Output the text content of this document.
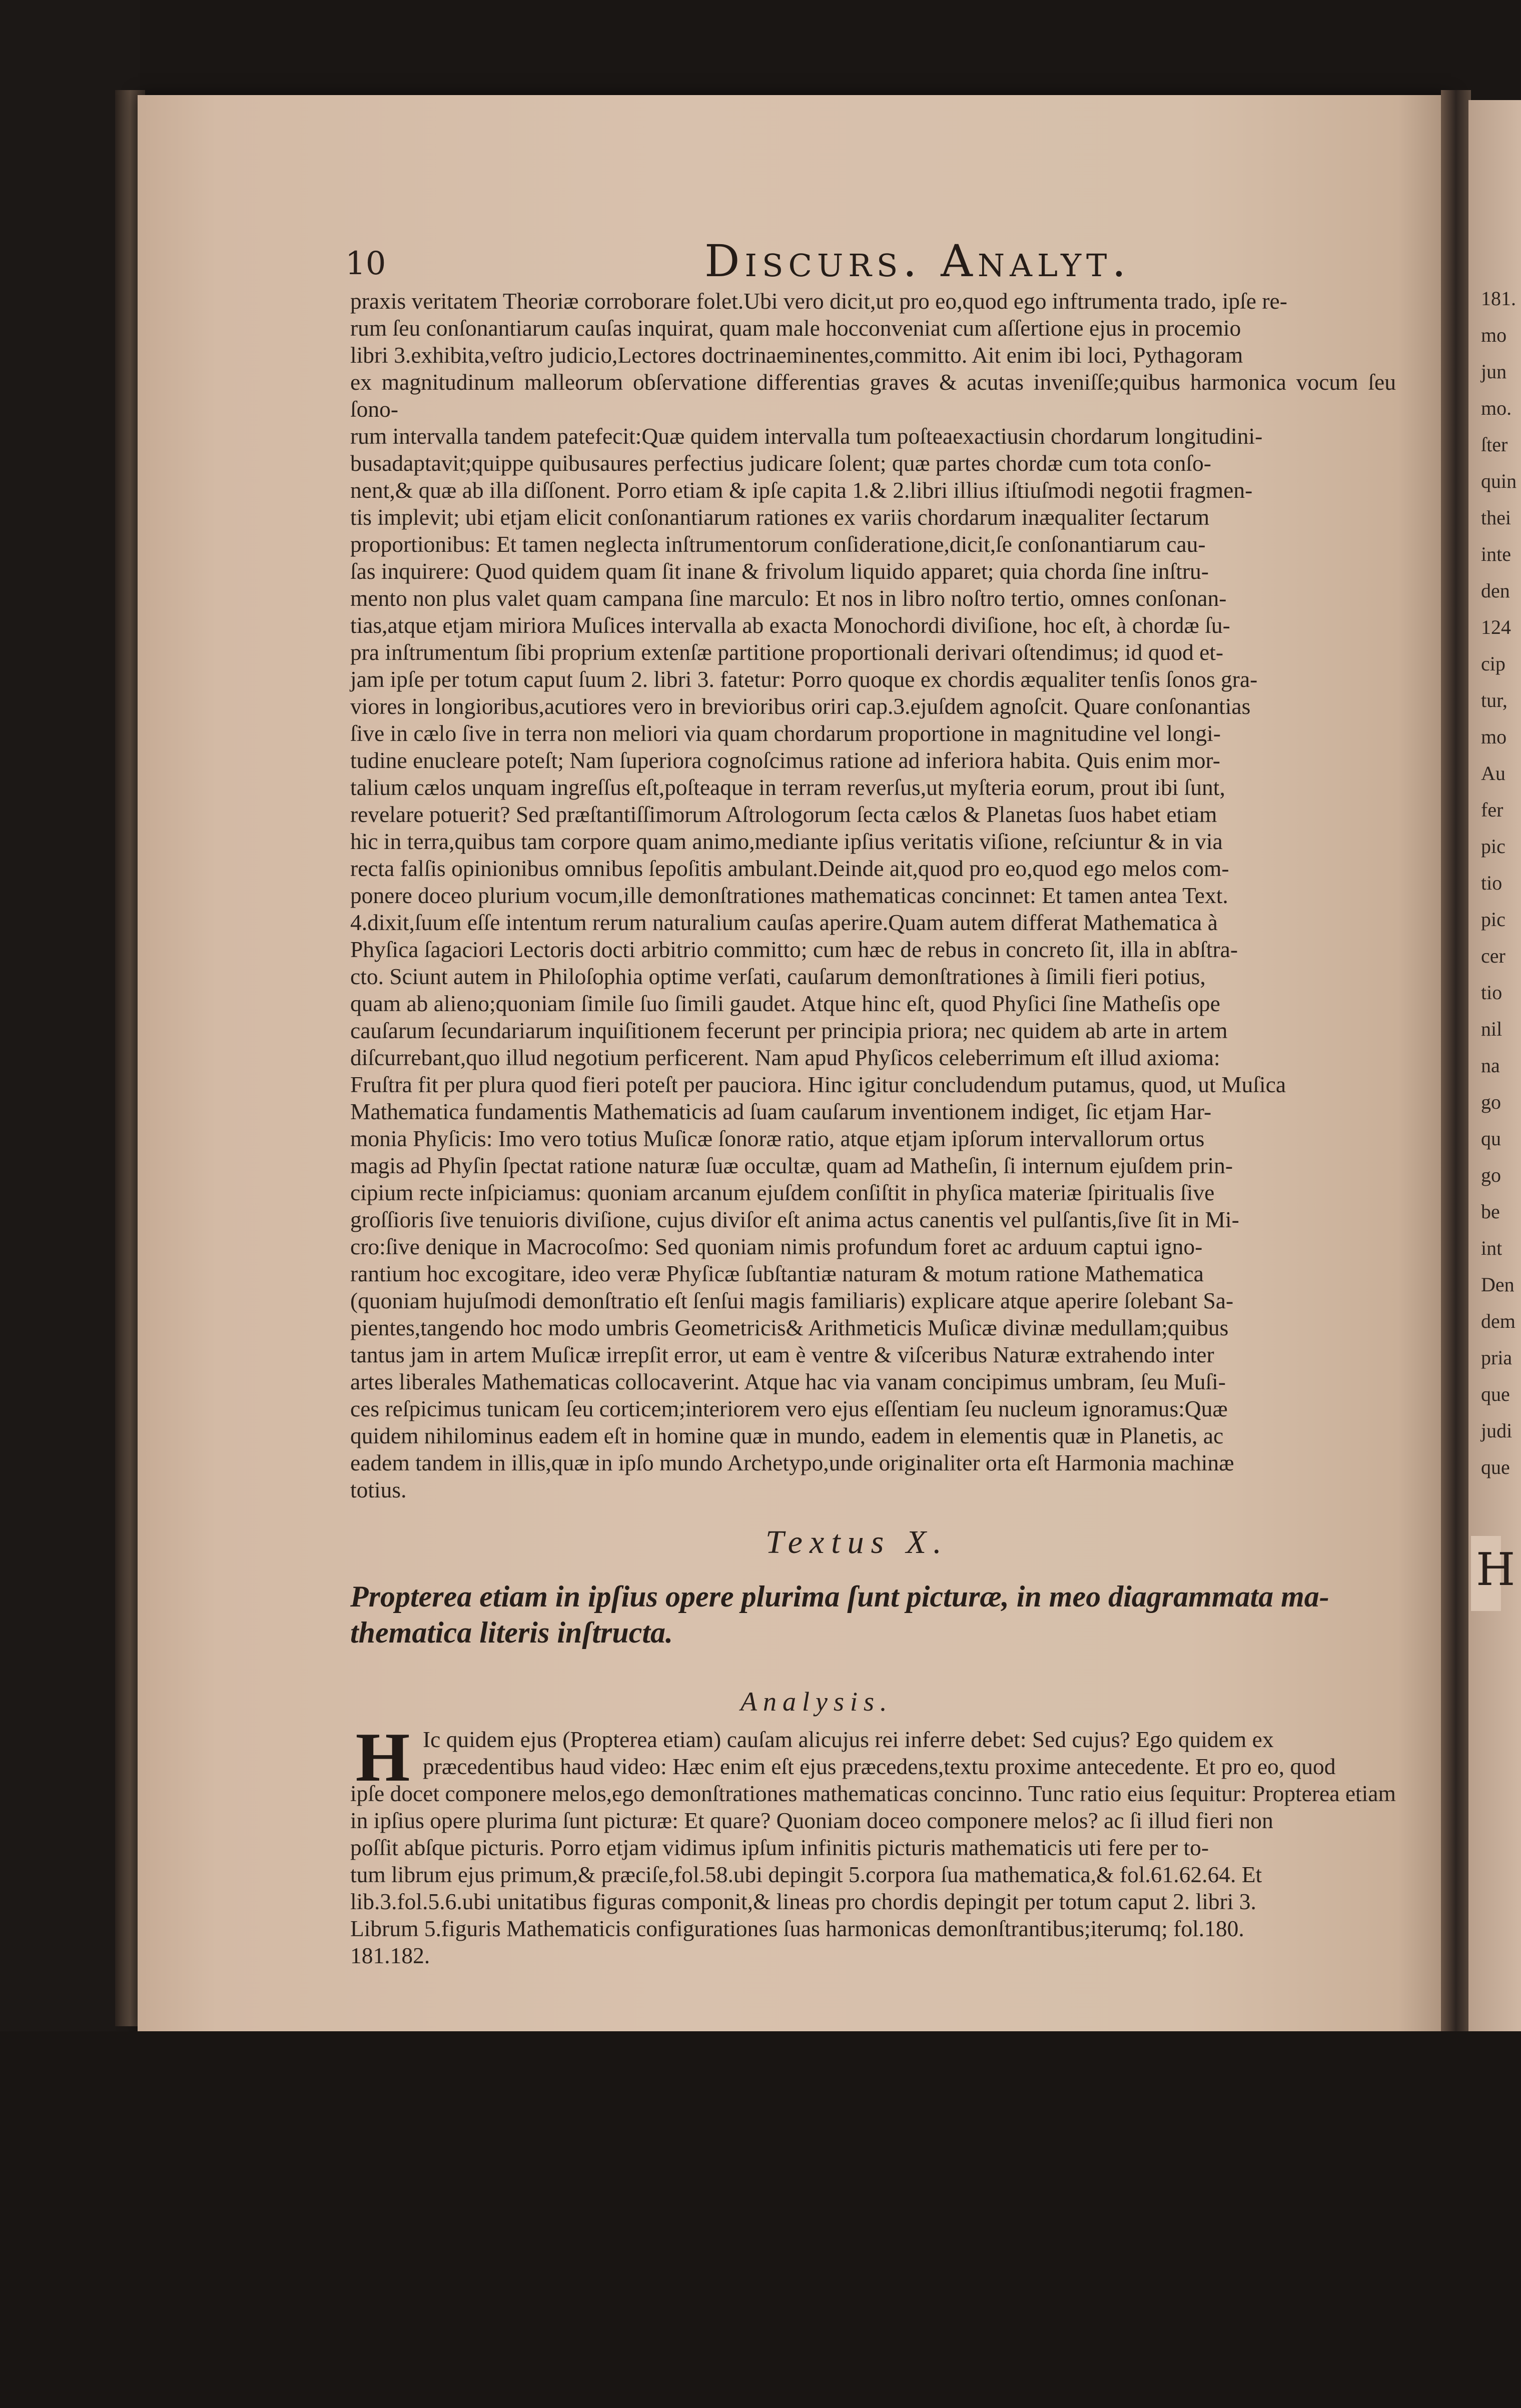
10	Discurs. Analyt.
praxis veritatem Theoriæ corroborare folet.Ubi vero dicit,ut pro eo,quod ego inftrumenta trado, ipſe re-
rum ſeu conſonantiarum cauſas inquirat, quam male hocconveniat cum aſſertione ejus in procemio
libri 3.exhibita,veſtro judicio,Lectores doctrinaeminentes,committo. Ait enim ibi loci, Pythagoram
ex magnitudinum malleorum obſervatione differentias graves & acutas inveniſſe;quibus harmonica vocum ſeu ſono-
rum intervalla tandem patefecit:Quæ quidem intervalla tum poſteaexactiusin chordarum longitudini-
busadaptavit;quippe quibusaures perfectius judicare ſolent; quæ partes chordæ cum tota conſo-
nent,& quæ ab illa diſſonent. Porro etiam & ipſe capita 1.& 2.libri illius iſtiuſmodi negotii fragmen-
tis implevit; ubi etjam elicit conſonantiarum rationes ex variis chordarum inæqualiter ſectarum
proportionibus: Et tamen neglecta inſtrumentorum conſideratione,dicit,ſe conſonantiarum cau-
ſas inquirere: Quod quidem quam ſit inane & frivolum liquido apparet; quia chorda ſine inſtru-
mento non plus valet quam campana ſine marculo: Et nos in libro noſtro tertio, omnes conſonan-
tias,atque etjam miriora Muſices intervalla ab exacta Monochordi diviſione, hoc eſt, à chordæ ſu-
pra inſtrumentum ſibi proprium extenſæ partitione proportionali derivari oſtendimus; id quod et-
jam ipſe per totum caput ſuum 2. libri 3. fatetur: Porro quoque ex chordis æqualiter tenſis ſonos gra-
viores in longioribus,acutiores vero in brevioribus oriri cap.3.ejuſdem agnoſcit. Quare conſonantias
ſive in cælo ſive in terra non meliori via quam chordarum proportione in magnitudine vel longi-
tudine enucleare poteſt; Nam ſuperiora cognoſcimus ratione ad inferiora habita. Quis enim mor-
talium cælos unquam ingreſſus eſt,poſteaque in terram reverſus,ut myſteria eorum, prout ibi ſunt,
revelare potuerit? Sed præſtantiſſimorum Aſtrologorum ſecta cælos & Planetas ſuos habet etiam
hic in terra,quibus tam corpore quam animo,mediante ipſius veritatis viſione, reſciuntur & in via
recta falſis opinionibus omnibus ſepoſitis ambulant.Deinde ait,quod pro eo,quod ego melos com-
ponere doceo plurium vocum,ille demonſtrationes mathematicas concinnet: Et tamen antea Text.
4.dixit,ſuum eſſe intentum rerum naturalium cauſas aperire.Quam autem differat Mathematica à
Phyſica ſagaciori Lectoris docti arbitrio committo; cum hæc de rebus in concreto ſit, illa in abſtra-
cto. Sciunt autem in Philoſophia optime verſati, cauſarum demonſtrationes à ſimili fieri potius,
quam ab alieno;quoniam ſimile ſuo ſimili gaudet. Atque hinc eſt, quod Phyſici ſine Matheſis ope
cauſarum ſecundariarum inquiſitionem fecerunt per principia priora; nec quidem ab arte in artem
diſcurrebant,quo illud negotium perficerent. Nam apud Phyſicos celeberrimum eſt illud axioma:
Fruſtra fit per plura quod fieri poteſt per pauciora. Hinc igitur concludendum putamus, quod, ut Muſica
Mathematica fundamentis Mathematicis ad ſuam cauſarum inventionem indiget, ſic etjam Har-
monia Phyſicis: Imo vero totius Muſicæ ſonoræ ratio, atque etjam ipſorum intervallorum ortus
magis ad Phyſin ſpectat ratione naturæ ſuæ occultæ, quam ad Matheſin, ſi internum ejuſdem prin-
cipium recte inſpiciamus: quoniam arcanum ejuſdem conſiſtit in phyſica materiæ ſpiritualis ſive
groſſioris ſive tenuioris diviſione, cujus diviſor eſt anima actus canentis vel pulſantis,ſive ſit in Mi-
cro:ſive denique in Macrocoſmo: Sed quoniam nimis profundum foret ac arduum captui igno-
rantium hoc excogitare, ideo veræ Phyſicæ ſubſtantiæ naturam & motum ratione Mathematica
(quoniam hujuſmodi demonſtratio eſt ſenſui magis familiaris) explicare atque aperire ſolebant Sa-
pientes,tangendo hoc modo umbris Geometricis& Arithmeticis Muſicæ divinæ medullam;quibus
tantus jam in artem Muſicæ irrepſit error, ut eam è ventre & viſceribus Naturæ extrahendo inter
artes liberales Mathematicas collocaverint. Atque hac via vanam concipimus umbram, ſeu Muſi-
ces reſpicimus tunicam ſeu corticem;interiorem vero ejus eſſentiam ſeu nucleum ignoramus:Quæ
quidem nihilominus eadem eſt in homine quæ in mundo, eadem in elementis quæ in Planetis, ac
eadem tandem in illis,quæ in ipſo mundo Archetypo,unde originaliter orta eſt Harmonia machinæ
totius.
Textus X.
Propterea etiam in ipſius opere plurima ſunt picturæ, in meo diagrammata ma-
thematica literis inſtructa.
Analysis.
H Ic quidem ejus (Propterea etiam) cauſam alicujus rei inferre debet: Sed cujus? Ego quidem ex
præcedentibus haud video: Hæc enim eſt ejus præcedens,textu proxime antecedente. Et pro eo, quod
ipſe docet componere melos,ego demonſtrationes mathematicas concinno. Tunc ratio eius ſequitur: Propterea etiam
in ipſius opere plurima ſunt picturæ: Et quare? Quoniam doceo componere melos? ac ſi illud fieri non
poſſit abſque picturis. Porro etjam vidimus ipſum infinitis picturis mathematicis uti fere per to-
tum librum ejus primum,& præciſe,fol.58.ubi depingit 5.corpora ſua mathematica,& fol.61.62.64. Et
lib.3.fol.5.6.ubi unitatibus figuras componit,& lineas pro chordis depingit per totum caput 2. libri 3.
Librum 5.figuris Mathematicis configurationes ſuas harmonicas demonſtrantibus;iterumq; fol.180.
181.182.
181.
mo
jun
mo.
ſter
quin
thei
inte
den
124
cip
tur,
mo
Au
fer
pic
tio
pic
cer
tio
nil
na
go
qu
go
be
int
Den
dem
pria
que
judi
que
H
